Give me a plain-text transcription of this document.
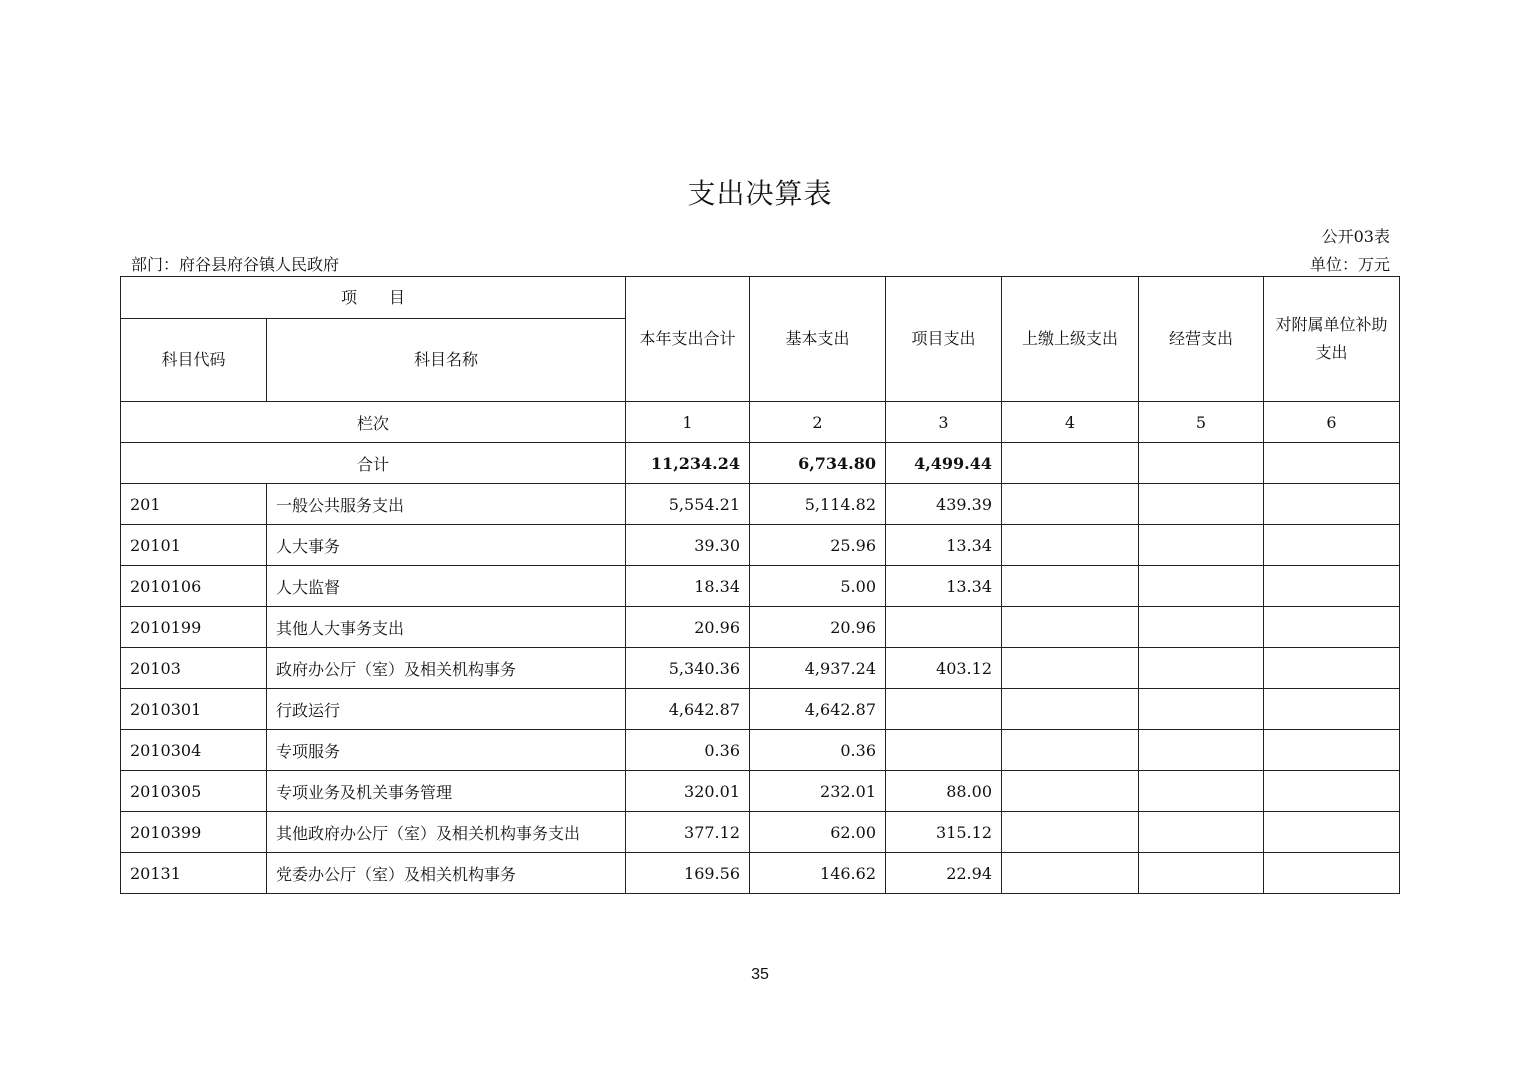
支出决算表
公开03表
部门：府谷县府谷镇人民政府	单位：万元
项　　目		本年支出合计	基本支出	项目支出	上缴上级支出	经营支出	对附属单位补助支出
科目代码	科目名称						
栏次		1	2	3	4	5	6
合计		11,234.24	6,734.80	4,499.44			
201	一般公共服务支出	5,554.21	5,114.82	439.39			
20101	人大事务	39.30	25.96	13.34			
2010106	人大监督	18.34	5.00	13.34			
2010199	其他人大事务支出	20.96	20.96				
20103	政府办公厅（室）及相关机构事务	5,340.36	4,937.24	403.12			
2010301	行政运行	4,642.87	4,642.87				
2010304	专项服务	0.36	0.36				
2010305	专项业务及机关事务管理	320.01	232.01	88.00			
2010399	其他政府办公厅（室）及相关机构事务支出	377.12	62.00	315.12			
20131	党委办公厅（室）及相关机构事务	169.56	146.62	22.94			
35
